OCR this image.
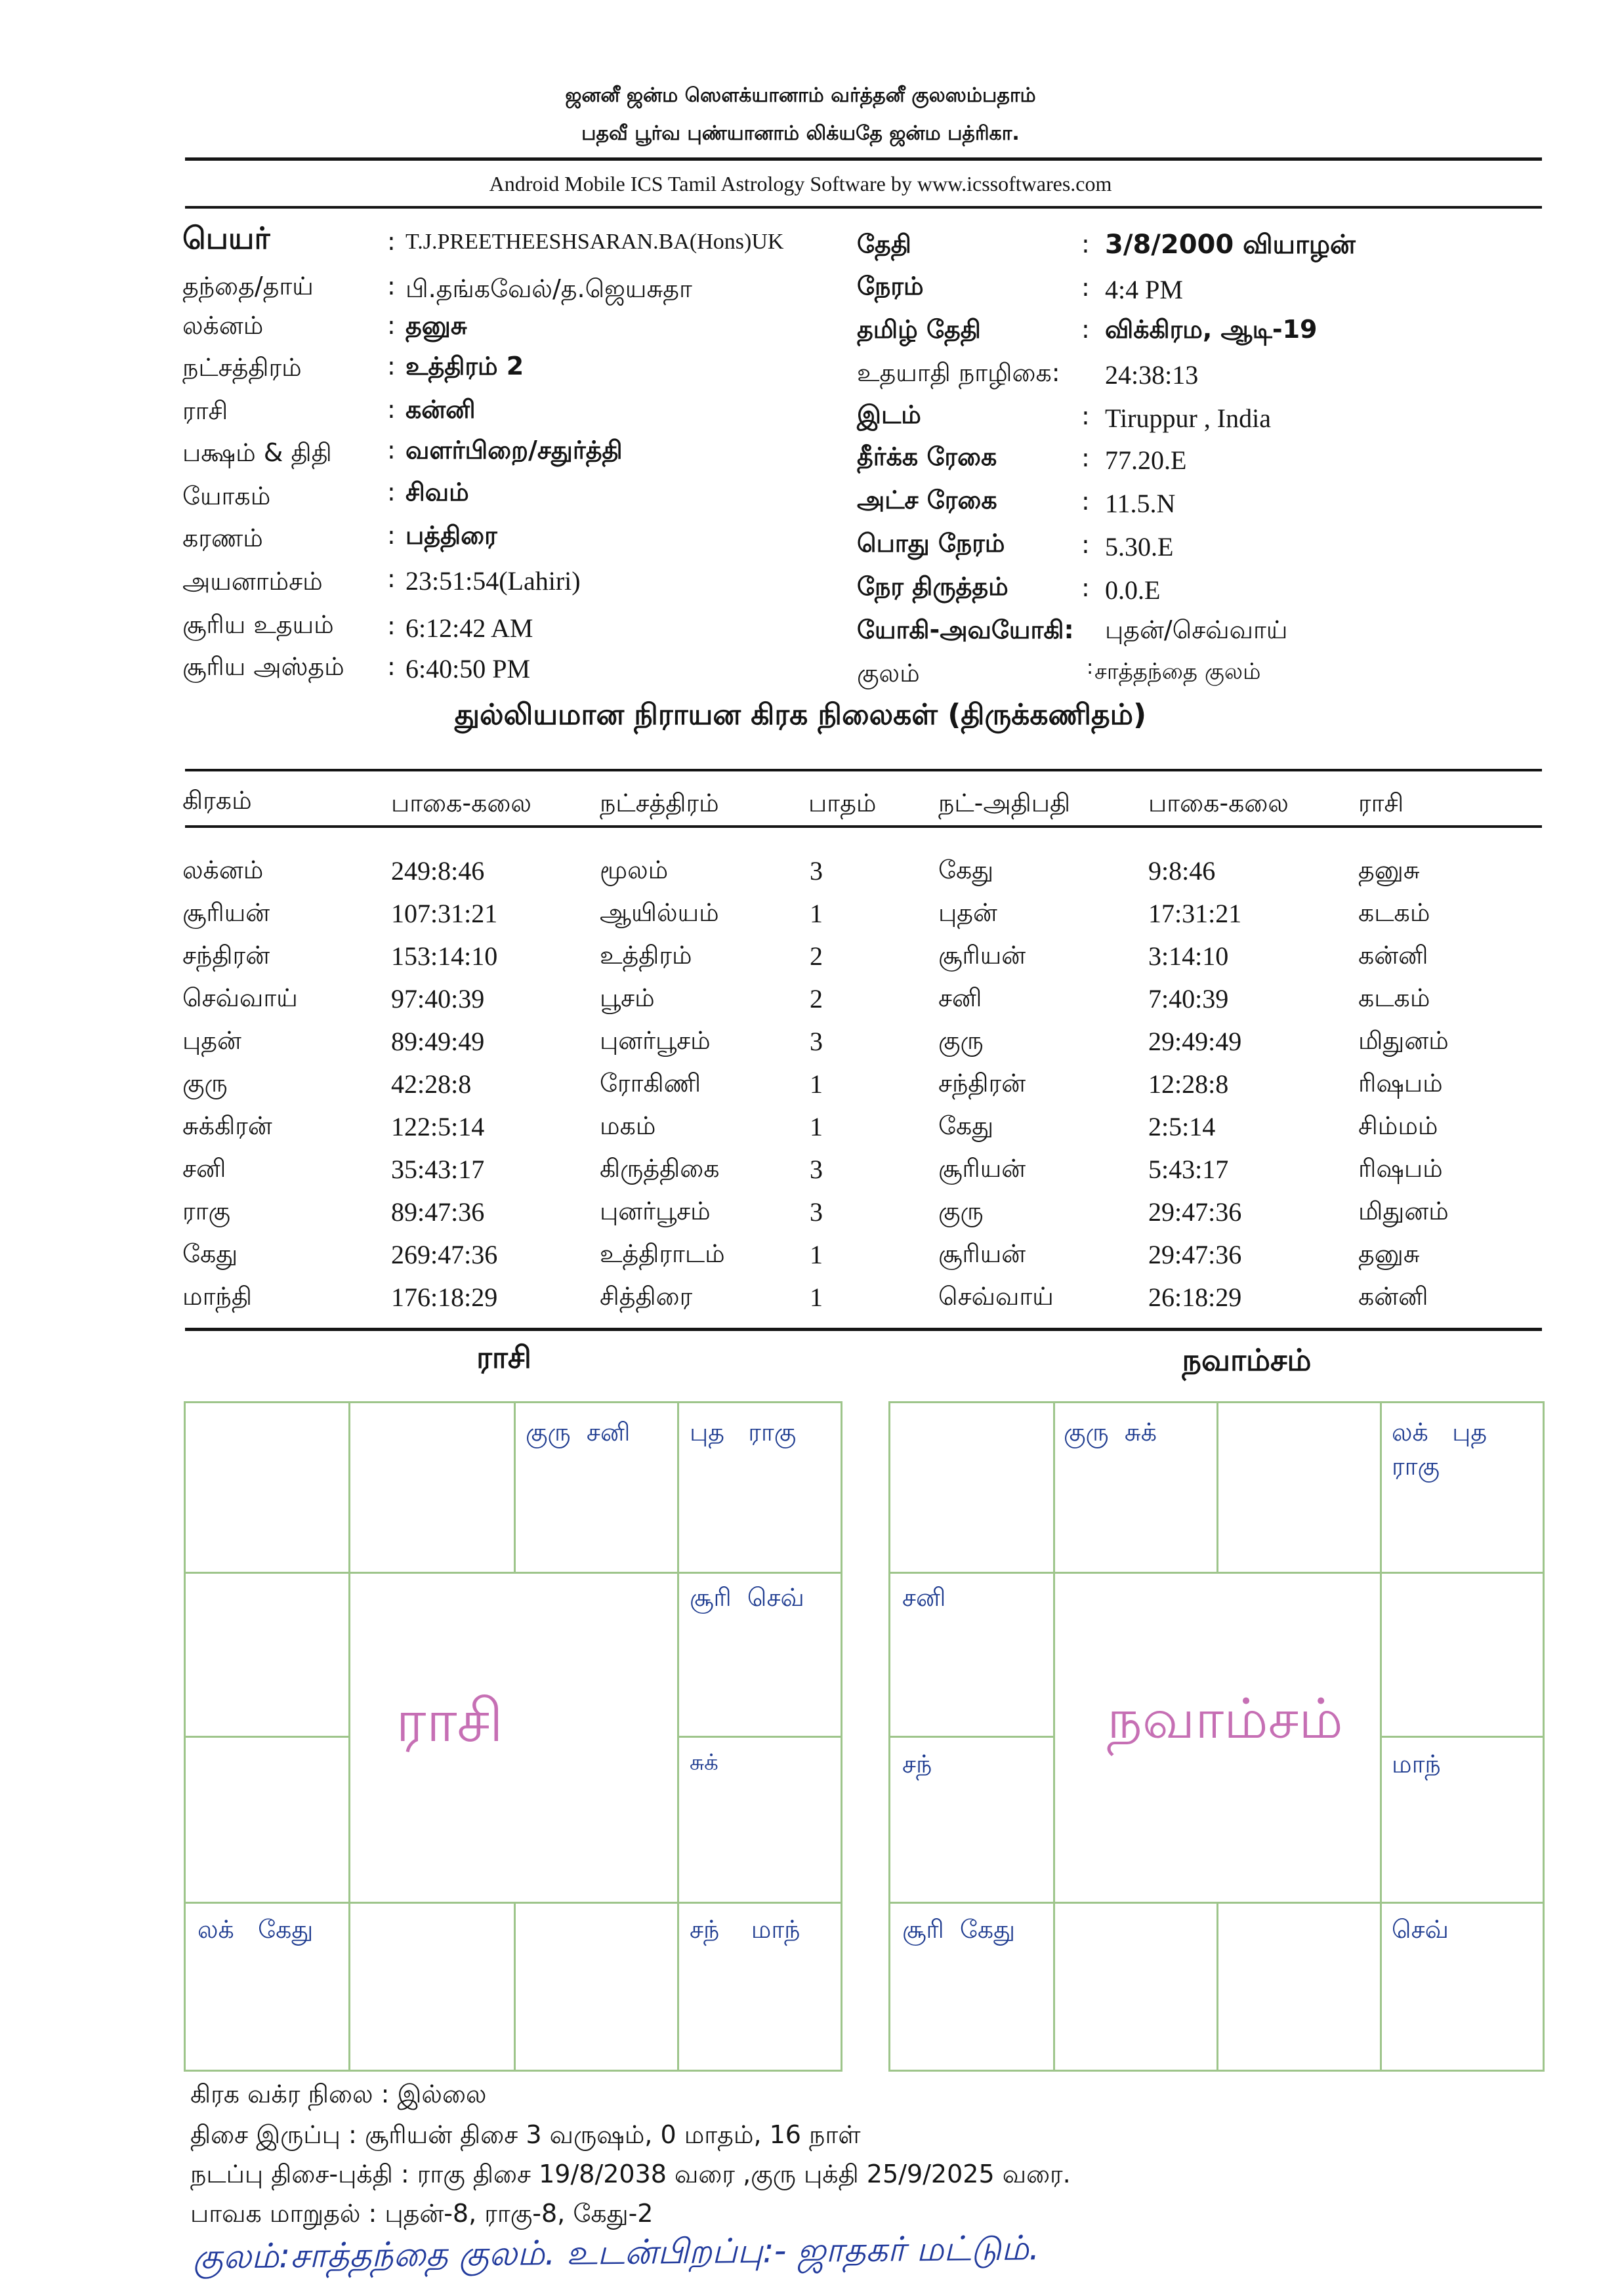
ஜனனீ ஜன்ம ஸௌக்யானாம் வர்த்தனீ குலஸம்பதாம்
பதவீ பூர்வ புண்யானாம் லிக்யதே ஜன்ம பத்ரிகா.
Android Mobile ICS Tamil Astrology Software by www.icssoftwares.com
பெயர்	: T.J.PREETHEESHSARAN.BA(Hons)UK
தந்தை/தாய்	: பி.தங்கவேல்/த.ஜெயசுதா
லக்னம்	: தனுசு
நட்சத்திரம்	: உத்திரம் 2
ராசி	: கன்னி
பக்ஷம் & திதி : வளர்பிறை/சதுர்த்தி
யோகம்	: சிவம்
கரணம்	: பத்திரை
அயனாம்சம்	: 23:51:54(Lahiri)
சூரிய உதயம் : 6:12:42 AM
சூரிய அஸ்தம் : 6:40:50 PM
தேதி	: 3/8/2000 வியாழன்
நேரம்	: 4:4 PM
தமிழ் தேதி	: விக்கிரம, ஆடி-19
உதயாதி நாழிகை: 24:38:13
இடம்	: Tiruppur , India
தீர்க்க ரேகை	: 77.20.E
அட்ச ரேகை	: 11.5.N
பொது நேரம்	: 5.30.E
நேர திருத்தம்	: 0.0.E
யோகி-அவயோகி: புதன்/செவ்வாய்
குலம்	: சாத்தந்தை குலம்
துல்லியமான நிராயன கிரக நிலைகள் (திருக்கணிதம்)
கிரகம்	பாகை-கலை	நட்சத்திரம்	பாதம் நட்-அதிபதி	பாகை-கலை	ராசி
லக்னம்	249:8:46	மூலம்	3	கேது	9:8:46	தனுசு
சூரியன்	107:31:21	ஆயில்யம்	1	புதன்	17:31:21	கடகம்
சந்திரன்	153:14:10	உத்திரம்	2	சூரியன்	3:14:10	கன்னி
செவ்வாய்	97:40:39	பூசம்	2	சனி	7:40:39	கடகம்
புதன்	89:49:49	புனர்பூசம்	3	குரு	29:49:49	மிதுனம்
குரு	42:28:8	ரோகிணி	1	சந்திரன்	12:28:8	ரிஷபம்
சுக்கிரன்	122:5:14	மகம்	1	கேது	2:5:14	சிம்மம்
சனி	35:43:17	கிருத்திகை	3	சூரியன்	5:43:17	ரிஷபம்
ராகு	89:47:36	புனர்பூசம்	3	குரு	29:47:36	மிதுனம்
கேது	269:47:36	உத்திராடம்	1	சூரியன்	29:47:36	தனுசு
மாந்தி	176:18:29	சித்திரை	1	செவ்வாய்	26:18:29	கன்னி
ராசி	நவாம்சம்
குரு  சனி புத   ராகு
சூரி  செவ்
சுக்
லக்   கேது	சந்    மாந்
ராசி
குரு  சுக்	லக்   புத
ராகு
சனி
சந்	மாந்
சூரி  கேது	செவ்
நவாம்சம்
கிரக வக்ர நிலை : இல்லை
திசை இருப்பு : சூரியன் திசை 3 வருஷம், 0 மாதம், 16 நாள்
நடப்பு திசை-புக்தி : ராகு திசை 19/8/2038 வரை ,குரு புக்தி 25/9/2025 வரை.
பாவக மாறுதல் : புதன்-8, ராகு-8, கேது-2
குலம்:சாத்தந்தை குலம். உடன்பிறப்பு:- ஜாதகர் மட்டும்.
